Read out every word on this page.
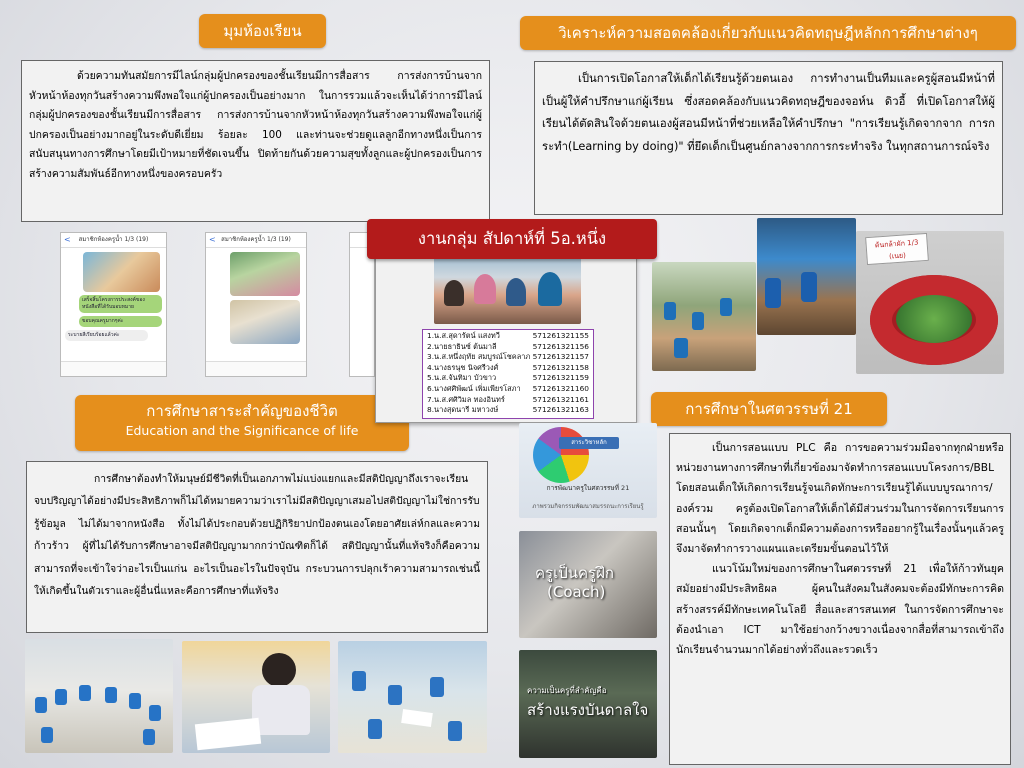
มุมห้องเรียน	วิเคราะห์ความสอดคล้องเกี่ยวกับแนวคิดทฤษฎีหลักการศึกษาต่างๆ
การศึกษาสาระสำคัญของชีวิต
Education and the Significance of life
การศึกษาในศตวรรษที่ 21

ด้วยความทันสมัยการมีไลน์กลุ่มผู้ปกครองของชั้นเรียนมีการสื่อสาร การส่งการบ้านจากหัวหน้าห้องทุกวันสร้างความพึงพอใจแก่ผู้ปกครองเป็นอย่างมาก ในการรวมแล้วจะเห็นได้ว่าการมีไลน์กลุ่มผู้ปกครองของชั้นเรียนมีการสื่อสาร การส่งการบ้านจากหัวหน้าห้องทุกวันสร้างความพึงพอใจแก่ผู้ปกครองเป็นอย่างมากอยู่ในระดับดีเยี่ยม ร้อยละ 100 และท่านจะช่วยดูแลลูกอีกทางหนึ่งเป็นการสนับสนุนทางการศึกษาโดยมีเป้าหมายที่ชัดเจนขึ้น ปิดท้ายกันด้วยความสุขทั้งลูกและผู้ปกครองเป็นการสร้างความสัมพันธ์อีกทางหนึ่งของครอบครัว

เป็นการเปิดโอกาสให้เด็กได้เรียนรู้ด้วยตนเอง การทำงานเป็นทีมและครูผู้สอนมีหน้าที่เป็นผู้ให้คำปรึกษาแก่ผู้เรียน ซึ่งสอดคล้องกับแนวคิดทฤษฎีของจอห์น ดิวอี้ ที่เปิดโอกาสให้ผู้เรียนได้ตัดสินใจด้วยตนเองผู้สอนมีหน้าที่ช่วยเหลือให้คำปรึกษา "การเรียนรู้เกิดจากจาก การกระทำ(Learning by doing)" ที่ยึดเด็กเป็นศูนย์กลางจากการกระทำจริง ในทุกสถานการณ์จริง

การศึกษาต้องทำให้มนุษย์มีชีวิตที่เป็นเอกภาพไม่แบ่งแยกและมีสติปัญญาถึงเราจะเรียนจบปริญญาได้อย่างมีประสิทธิภาพก็ไม่ได้หมายความว่าเราไม่มีสติปัญญาเสมอไปสติปัญญาไม่ใช่การรับรู้ข้อมูล ไม่ได้มาจากหนังสือ ทั้งไม่ได้ประกอบด้วยปฏิกิริยาปกป้องตนเองโดยอาศัยเล่ห์กลและความก้าวร้าว ผู้ที่ไม่ได้รับการศึกษาอาจมีสติปัญญามากกว่าบัณฑิตก็ได้ สติปัญญานั้นที่แท้จริงก็คือความสามารถที่จะเข้าใจว่าอะไรเป็นแก่น อะไรเป็นอะไรในปัจจุบัน กระบวนการปลุกเร้าความสามารถเช่นนี้ให้เกิดขึ้นในตัวเราและผู้อื่นนี่แหละคือการศึกษาที่แท้จริง

เป็นการสอนแบบ PLC คือ การขอความร่วมมือจากทุกฝ่ายหรือหน่วยงานทางการศึกษาที่เกี่ยวข้องมาจัดทำการสอนแบบโครงการ/BBL โดยสอนเด็กให้เกิดการเรียนรู้จนเกิดทักษะการเรียนรู้ได้แบบบูรณาการ/องค์รวม ครูต้องเปิดโอกาสให้เด็กได้มีส่วนร่วมในการจัดการเรียนการสอนนั้นๆ โดยเกิดจากเด็กมีความต้องการหรืออยากรู้ในเรื่องนั้นๆแล้วครูจึงมาจัดทำการวางแผนและเตรียมขั้นตอนไว้ให้

แนวโน้มใหม่ของการศึกษาในศตวรรษที่ 21 เพื่อให้ก้าวทันยุคสมัยอย่างมีประสิทธิผล ผู้คนในสังคมในสังคมจะต้องมีทักษะการคิดสร้างสรรค์มีทักษะเทคโนโลยี สื่อและสารสนเทศ ในการจัดการศึกษาจะต้องนำเอา ICT มาใช้อย่างกว้างขวางเนื่องจากสื่อที่สามารถเข้าถึงนักเรียนจำนวนมากได้อย่างทั่วถึงและรวดเร็ว

< สมาชิกห้องครูน้ำ 1/3 (19)
เสร็จสิ้นโครงการประสงค์ของหนังสือที่ได้รับมอบหมาย
ขอบคุณครูมากๆค่ะ
ระบายสีเรียบร้อยแล้วค่ะ
< สมาชิกห้องครูน้ำ 1/3 (19)
1.น.ส.สุดารัตน์ แสงทวี	571261321155
2.นายธาธินซ์ ต้นมาลี	571261321156
3.น.ส.หนึ่งฤทัย สมบูรณ์โชคลาภ 571261321157
4.นางธรนุช นิจศรีวงศ์	571261321158
5.น.ส.จันทิมา บัวขาว	571261321159
6.นางศศิพัฒน์ เพิ่มเพียรโสภา 571261321160
7.น.ส.ศศิวิมล ทองอินทร์	571261321161
8.นางสุดนารี มหาวงษ์	571261321163
งานกลุ่ม สัปดาห์ที่ 5อ.หนึ่ง	ต้นกล้าผัก 1/3 (เนย)
สาระวิชาหลัก
การพัฒนาครูในศตวรรษที่ 21
ภาพรวมกิจกรรมพัฒนาสมรรถนะการเรียนรู้
ครูเป็นครูฝึก
(Coach)
ความเป็นครูที่สำคัญคือ
สร้างแรงบันดาลใจ
